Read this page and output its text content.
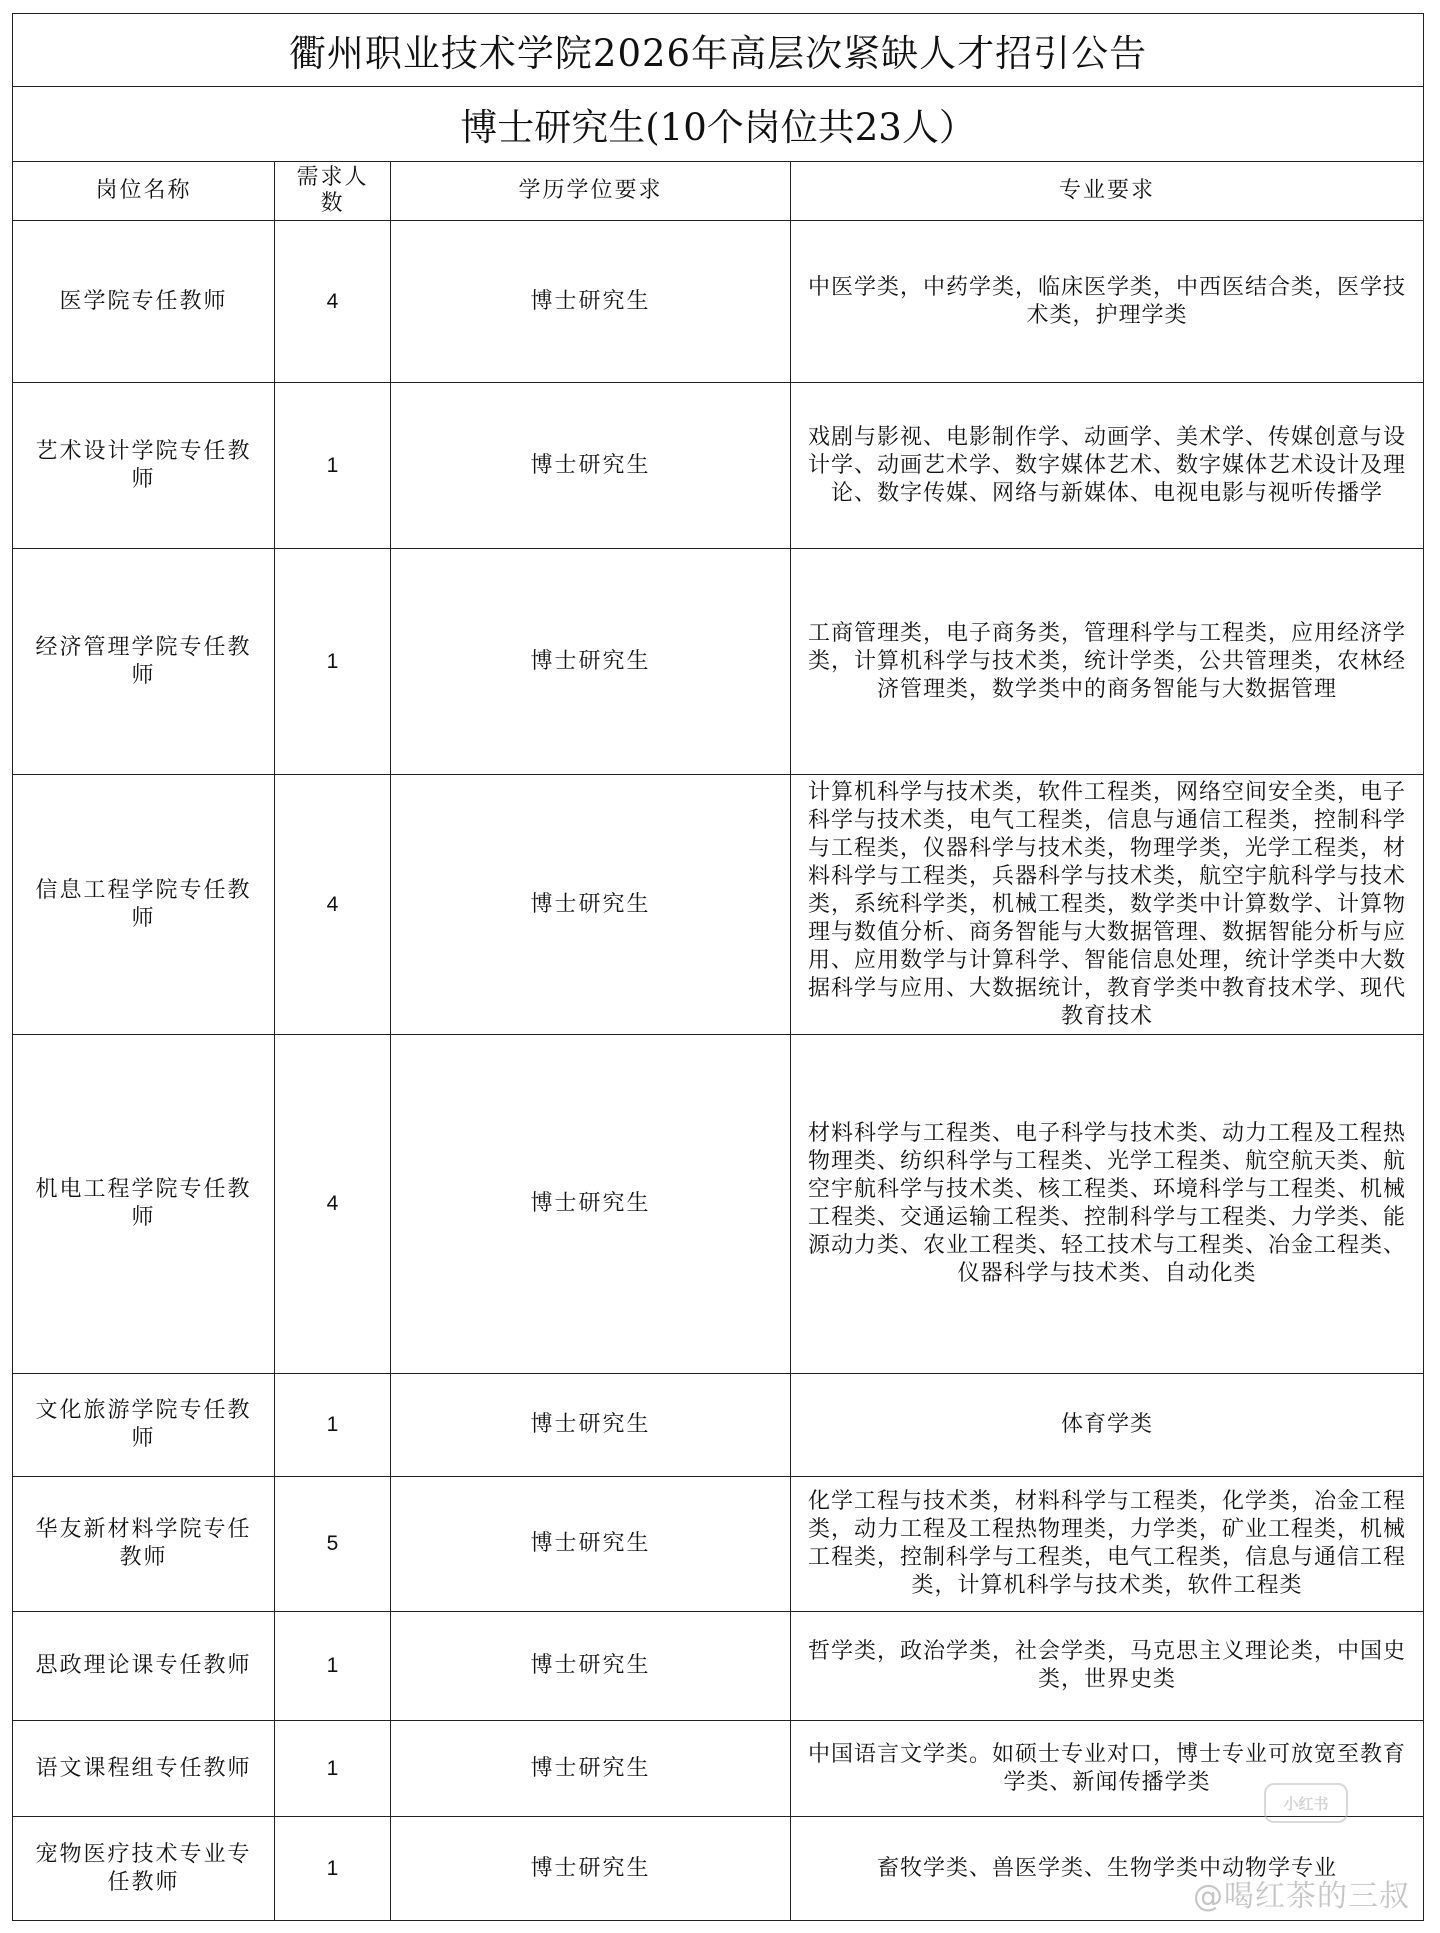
衢州职业技术学院2026年高层次紧缺人才招引公告			
博士研究生(10个岗位共23人）			
岗位名称	需求人数	学历学位要求	专业要求
医学院专任教师	4	博士研究生	中医学类，中药学类，临床医学类，中西医结合类，医学技术类，护理学类
艺术设计学院专任教师	1	博士研究生	戏剧与影视、电影制作学、动画学、美术学、传媒创意与设计学、动画艺术学、数字媒体艺术、数字媒体艺术设计及理论、数字传媒、网络与新媒体、电视电影与视听传播学
经济管理学院专任教师	1	博士研究生	工商管理类，电子商务类，管理科学与工程类，应用经济学类，计算机科学与技术类，统计学类，公共管理类，农林经济管理类，数学类中的商务智能与大数据管理
信息工程学院专任教师	4	博士研究生	计算机科学与技术类，软件工程类，网络空间安全类，电子科学与技术类，电气工程类，信息与通信工程类，控制科学与工程类，仪器科学与技术类，物理学类，光学工程类，材料科学与工程类，兵器科学与技术类，航空宇航科学与技术类，系统科学类，机械工程类，数学类中计算数学、计算物理与数值分析、商务智能与大数据管理、数据智能分析与应用、应用数学与计算科学、智能信息处理，统计学类中大数据科学与应用、大数据统计，教育学类中教育技术学、现代教育技术
机电工程学院专任教师	4	博士研究生	材料科学与工程类、电子科学与技术类、动力工程及工程热物理类、纺织科学与工程类、光学工程类、航空航天类、航空宇航科学与技术类、核工程类、环境科学与工程类、机械工程类、交通运输工程类、控制科学与工程类、力学类、能源动力类、农业工程类、轻工技术与工程类、冶金工程类、仪器科学与技术类、自动化类
文化旅游学院专任教师	1	博士研究生	体育学类
华友新材料学院专任教师	5	博士研究生	化学工程与技术类，材料科学与工程类，化学类，冶金工程类，动力工程及工程热物理类，力学类，矿业工程类，机械工程类，控制科学与工程类，电气工程类，信息与通信工程类，计算机科学与技术类，软件工程类
思政理论课专任教师	1	博士研究生	哲学类，政治学类，社会学类，马克思主义理论类，中国史类，世界史类
语文课程组专任教师	1	博士研究生	中国语言文学类。如硕士专业对口，博士专业可放宽至教育学类、新闻传播学类
宠物医疗技术专业专任教师	1	博士研究生	畜牧学类、兽医学类、生物学类中动物学专业
小红书
@喝红茶的三叔
